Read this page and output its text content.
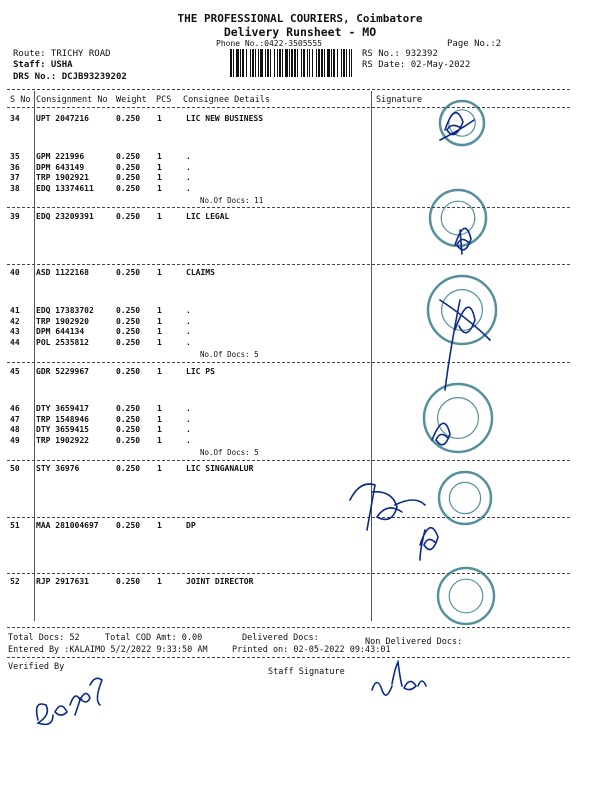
THE PROFESSIONAL COURIERS, Coimbatore
Delivery Runsheet - MO
Phone No.:0422-3505555	Page No.:2
Route: TRICHY ROAD
Staff: USHA
DRS No.: DCJB93239202
RS No.: 932392
RS Date: 02-May-2022
S No Consignment No Weight PCS Consignee Details	Signature
34 UPT 2047216	0.250 1	LIC NEW BUSINESS
35 GPM 221996	0.250 1	.
36 DPM 643149	0.250 1	.
37 TRP 1902921	0.250 1	.
38 EDQ 13374611	0.250 1	.
No.Of Docs: 11
39 EDQ 23209391	0.250 1	LIC LEGAL
40 ASD 1122168	0.250 1	CLAIMS
41 EDQ 17383702	0.250 1	.
42 TRP 1902920	0.250 1	.
43 DPM 644134	0.250 1	.
44 POL 2535812	0.250 1	.
No.Of Docs: 5
45 GDR 5229967	0.250 1	LIC PS
46 DTY 3659417	0.250 1	.
47 TRP 1548946	0.250 1	.
48 DTY 3659415	0.250 1	.
49 TRP 1902922	0.250 1	.
No.Of Docs: 5
50 STY 36976	0.250 1	LIC SINGANALUR
51 MAA 281004697 0.250 1	DP
52 RJP 2917631	0.250 1	JOINT DIRECTOR
Total Docs: 52	Total COD Amt: 0.00	Delivered Docs:	Non Delivered Docs:
Entered By :KALAIMO 5/2/2022 9:33:50 AM	Printed on: 02-05-2022 09:43:01
Verified By	Staff Signature
